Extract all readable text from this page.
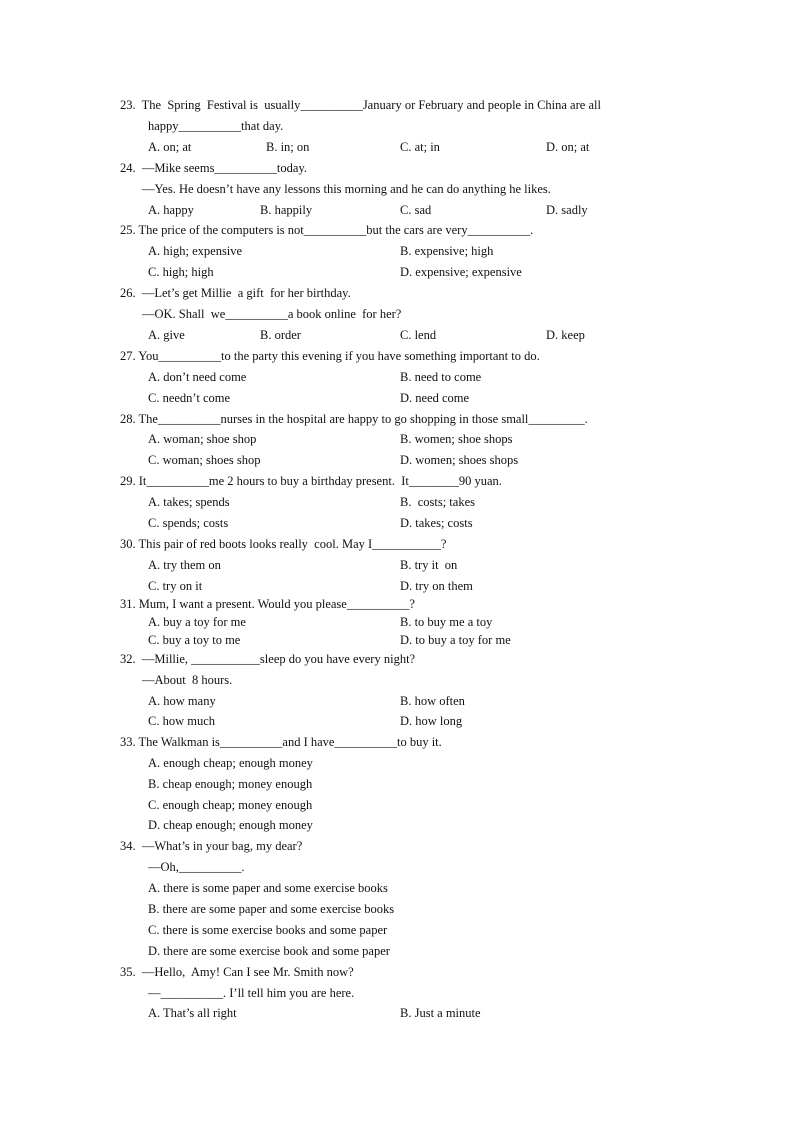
23.  The  Spring  Festival is  usually__________January or February and people in China are all
happy__________that day.
A. on; at	B. in; on	C. at; in	D. on; at
24.  —Mike seems__________today.
—Yes. He doesn’t have any lessons this morning and he can do anything he likes.
A. happy	B. happily	C. sad	D. sadly
25. The price of the computers is not__________but the cars are very__________.
A. high; expensive	B. expensive; high
C. high; high	D. expensive; expensive
26.  —Let’s get Millie  a gift  for her birthday.
—OK. Shall  we__________a book online  for her?
A. give	B. order	C. lend	D. keep
27. You__________to the party this evening if you have something important to do.
A. don’t need come	B. need to come
C. needn’t come	D. need come
28. The__________nurses in the hospital are happy to go shopping in those small_________.
A. woman; shoe shop	B. women; shoe shops
C. woman; shoes shop	D. women; shoes shops
29. It__________me 2 hours to buy a birthday present.  It________90 yuan.
A. takes; spends	B.  costs; takes
C. spends; costs	D. takes; costs
30. This pair of red boots looks really  cool. May I___________?
A. try them on	B. try it  on
C. try on it	D. try on them
31. Mum, I want a present. Would you please__________?
A. buy a toy for me	B. to buy me a toy
C. buy a toy to me	D. to buy a toy for me
32.  —Millie, ___________sleep do you have every night?
—About  8 hours.
A. how many	B. how often
C. how much	D. how long
33. The Walkman is__________and I have__________to buy it.
A. enough cheap; enough money
B. cheap enough; money enough
C. enough cheap; money enough
D. cheap enough; enough money
34.  —What’s in your bag, my dear?
—Oh,__________.
A. there is some paper and some exercise books
B. there are some paper and some exercise books
C. there is some exercise books and some paper
D. there are some exercise book and some paper
35.  —Hello,  Amy! Can I see Mr. Smith now?
—__________. I’ll tell him you are here.
A. That’s all right	B. Just a minute
